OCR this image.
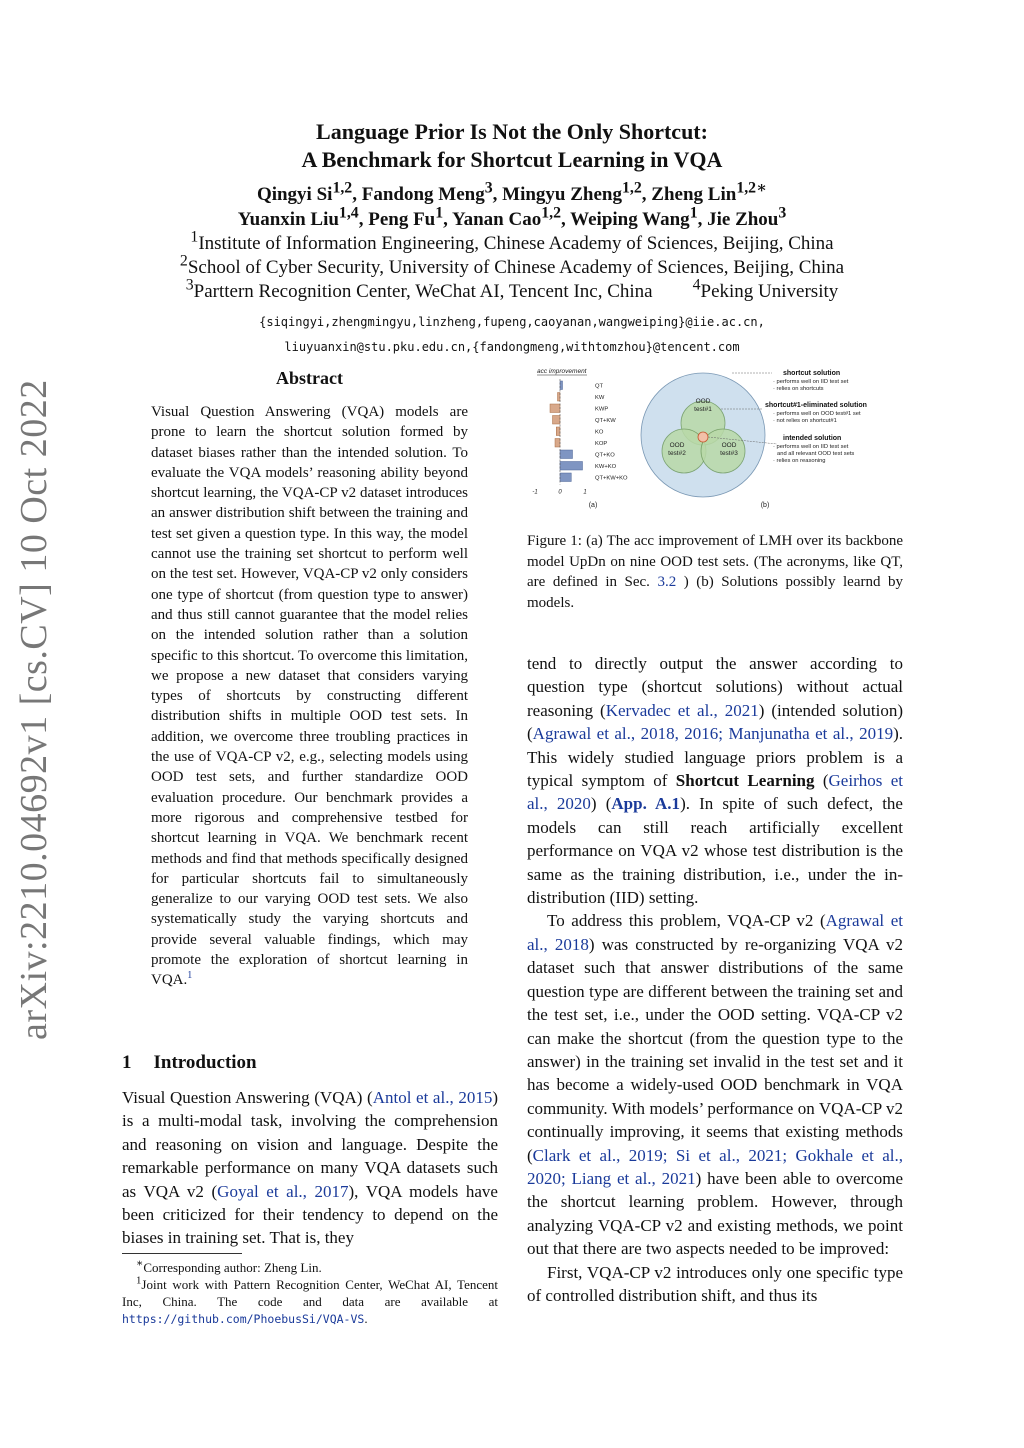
arXiv:2210.04692v1 [cs.CV] 10 Oct 2022
Language Prior Is Not the Only Shortcut:
A Benchmark for Shortcut Learning in VQA
Qingyi Si$^{1,2}$, Fandong Meng$^3$, Mingyu Zheng$^{1,2}$, Zheng Lin$^{1,2∗}$
Yuanxin Liu$^{1,4}$, Peng Fu$^1$, Yanan Cao$^{1,2}$, Weiping Wang$^1$, Jie Zhou$^3$
$^1$Institute of Information Engineering, Chinese Academy of Sciences, Beijing, China
$^2$School of Cyber Security, University of Chinese Academy of Sciences, Beijing, China
$^3$Parttern Recognition Center, WeChat AI, Tencent Inc, China	$^4$Peking University
{siqingyi,zhengmingyu,linzheng,fupeng,caoyanan,wangweiping}@iie.ac.cn,
liuyuanxin@stu.pku.edu.cn,{fandongmeng,withtomzhou}@tencent.com
Abstract
Visual Question Answering (VQA) models are prone to learn the shortcut solution formed by dataset biases rather than the intended solution. To evaluate the VQA models’ reasoning ability beyond shortcut learning, the VQA-CP v2 dataset introduces an answer distribution shift between the training and test set given a question type. In this way, the model cannot use the training set shortcut to perform well on the test set. However, VQA-CP v2 only considers one type of shortcut (from question type to answer) and thus still cannot guarantee that the model relies on the intended solution rather than a solution specific to this shortcut. To overcome this limitation, we propose a new dataset that considers varying types of shortcuts by constructing different distribution shifts in multiple OOD test sets. In addition, we overcome three troubling practices in the use of VQA-CP v2, e.g., selecting models using OOD test sets, and further standardize OOD evaluation procedure. Our benchmark provides a more rigorous and comprehensive testbed for shortcut learning in VQA. We benchmark recent methods and find that methods specifically designed for particular shortcuts fail to simultaneously generalize to our varying OOD test sets. We also systematically study the varying shortcuts and provide several valuable findings, which may promote the exploration of shortcut learning in VQA.$^1$
1 Introduction
Visual Question Answering (VQA) (Antol et al., 2015) is a multi-modal task, involving the comprehension and reasoning on vision and language. Despite the remarkable performance on many VQA datasets such as VQA v2 (Goyal et al., 2017), VQA models have been criticized for their tendency to depend on the biases in training set. That is, they
∗Corresponding author: Zheng Lin.
$^1$Joint work with Pattern Recognition Center, WeChat AI, Tencent Inc, China. The code and data are available at https://github.com/PhoebusSi/VQA-VS.
acc improvement
QT
KW
KWP
QT+KW
KO
KOP
QT+KO
KW+KO
QT+KW+KO
-1	0	1
(a)
OOD test#1
OOD test#2
OOD test#3
shortcut solution
· performs well on IID test set
· relies on shortcuts
shortcut#1-eliminated solution
· performs well on OOD test#1 set
· not relies on shortcut#1
intended solution
· performs well on IID test set
and all relevant OOD test sets
· relies on reasoning
(b)
Figure 1: (a) The acc improvement of LMH over its backbone model UpDn on nine OOD test sets. (The acronyms, like QT, are defined in Sec. 3.2 ) (b) Solutions possibly learnd by models.

tend to directly output the answer according to question type (shortcut solutions) without actual reasoning (Kervadec et al., 2021) (intended solution) (Agrawal et al., 2018, 2016; Manjunatha et al., 2019). This widely studied language priors problem is a typical symptom of Shortcut Learning (Geirhos et al., 2020) (App. A.1). In spite of such defect, the models can still reach artificially excellent performance on VQA v2 whose test distribution is the same as the training distribution, i.e., under the in-distribution (IID) setting.

To address this problem, VQA-CP v2 (Agrawal et al., 2018) was constructed by re-organizing VQA v2 dataset such that answer distributions of the same question type are different between the training set and the test set, i.e., under the OOD setting. VQA-CP v2 can make the shortcut (from the question type to the answer) in the training set invalid in the test set and it has become a widely-used OOD benchmark in VQA community. With models’ performance on VQA-CP v2 continually improving, it seems that existing methods (Clark et al., 2019; Si et al., 2021; Gokhale et al., 2020; Liang et al., 2021) have been able to overcome the shortcut learning problem. However, through analyzing VQA-CP v2 and existing methods, we point out that there are two aspects needed to be improved:

First, VQA-CP v2 introduces only one specific type of controlled distribution shift, and thus its
